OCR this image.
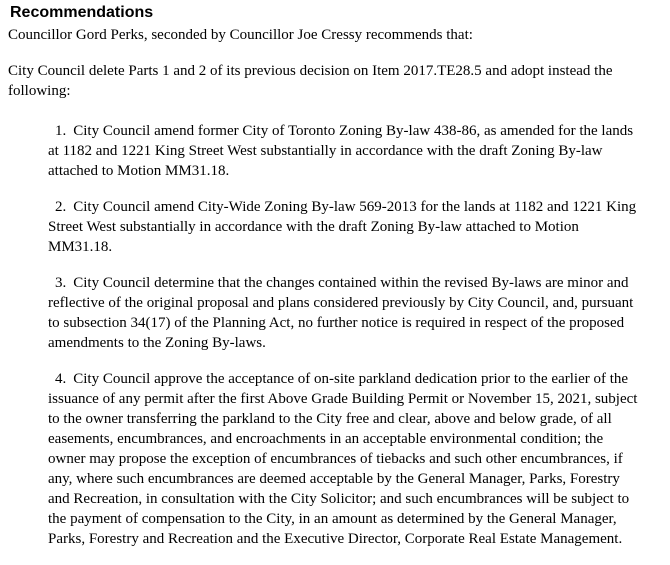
Recommendations

Councillor Gord Perks, seconded by Councillor Joe Cressy recommends that:

City Council delete Parts 1 and 2 of its previous decision on Item 2017.TE28.5 and adopt instead the following:

1. City Council amend former City of Toronto Zoning By-law 438-86, as amended for the lands at 1182 and 1221 King Street West substantially in accordance with the draft Zoning By-law attached to Motion MM31.18.

2. City Council amend City-Wide Zoning By-law 569-2013 for the lands at 1182 and 1221 King Street West substantially in accordance with the draft Zoning By-law attached to Motion MM31.18.

3. City Council determine that the changes contained within the revised By-laws are minor and reflective of the original proposal and plans considered previously by City Council, and, pursuant to subsection 34(17) of the Planning Act, no further notice is required in respect of the proposed amendments to the Zoning By-laws.

4. City Council approve the acceptance of on-site parkland dedication prior to the earlier of the issuance of any permit after the first Above Grade Building Permit or November 15, 2021, subject to the owner transferring the parkland to the City free and clear, above and below grade, of all easements, encumbrances, and encroachments in an acceptable environmental condition; the owner may propose the exception of encumbrances of tiebacks and such other encumbrances, if any, where such encumbrances are deemed acceptable by the General Manager, Parks, Forestry and Recreation, in consultation with the City Solicitor; and such encumbrances will be subject to the payment of compensation to the City, in an amount as determined by the General Manager, Parks, Forestry and Recreation and the Executive Director, Corporate Real Estate Management.
